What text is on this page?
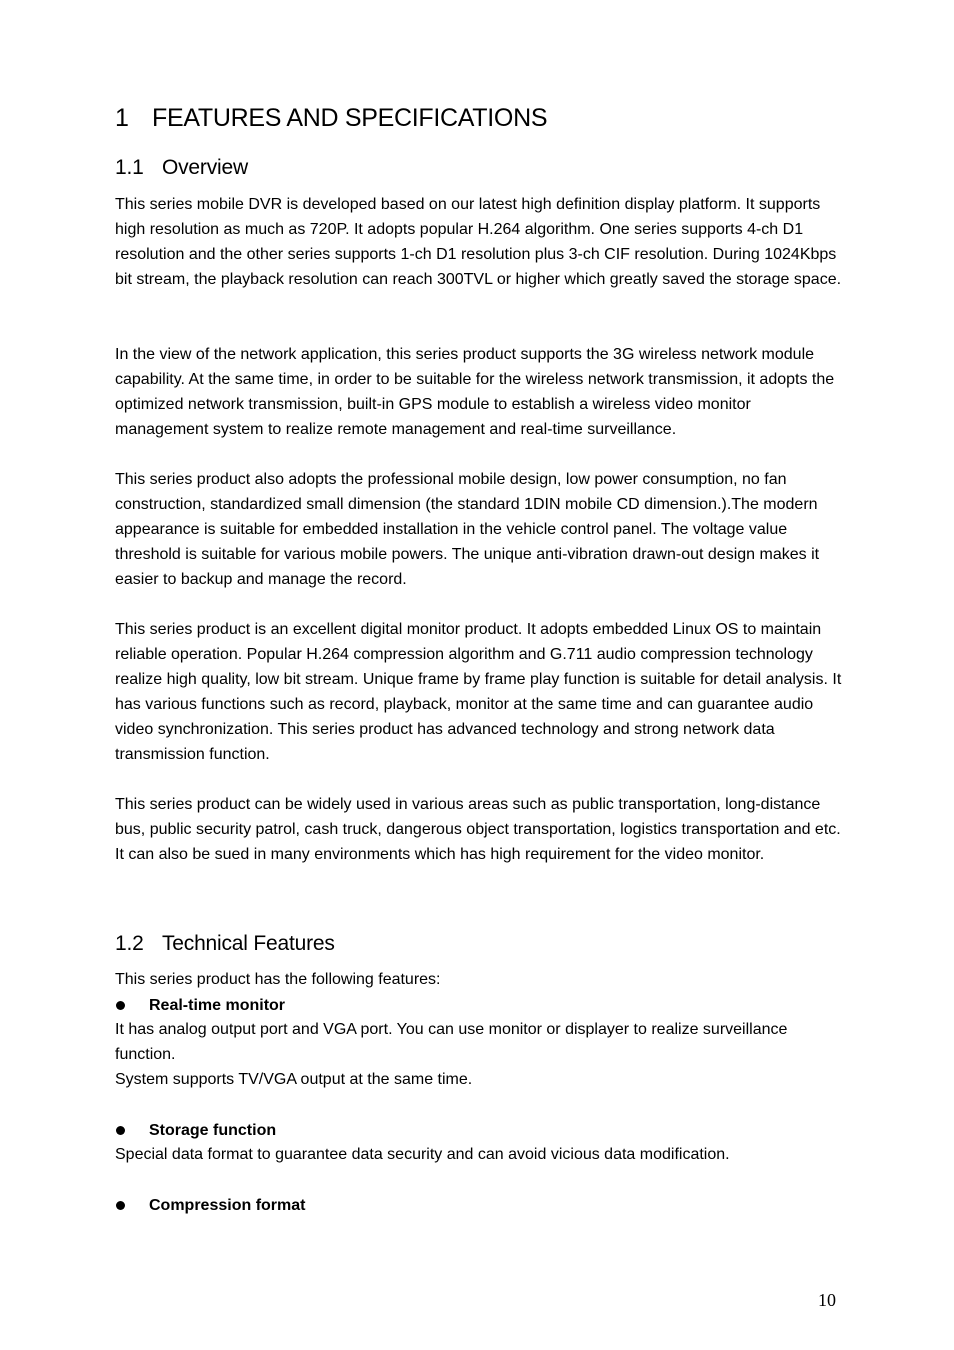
1 FEATURES AND SPECIFICATIONS
1.1 Overview

This series mobile DVR is developed based on our latest high definition display platform. It supports high resolution as much as 720P. It adopts popular H.264 algorithm. One series supports 4-ch D1 resolution and the other series supports 1-ch D1 resolution plus 3-ch CIF resolution. During 1024Kbps bit stream, the playback resolution can reach 300TVL or higher which greatly saved the storage space.

In the view of the network application, this series product supports the 3G wireless network module capability. At the same time, in order to be suitable for the wireless network transmission, it adopts the optimized network transmission, built-in GPS module to establish a wireless video monitor management system to realize remote management and real-time surveillance.

This series product also adopts the professional mobile design, low power consumption, no fan construction, standardized small dimension (the standard 1DIN mobile CD dimension.).The modern appearance is suitable for embedded installation in the vehicle control panel. The voltage value threshold is suitable for various mobile powers. The unique anti-vibration drawn-out design makes it easier to backup and manage the record.

This series product is an excellent digital monitor product. It adopts embedded Linux OS to maintain reliable operation. Popular H.264 compression algorithm and G.711 audio compression technology realize high quality, low bit stream. Unique frame by frame play function is suitable for detail analysis. It has various functions such as record, playback, monitor at the same time and can guarantee audio video synchronization. This series product has advanced technology and strong network data transmission function.

This series product can be widely used in various areas such as public transportation, long-distance bus, public security patrol, cash truck, dangerous object transportation, logistics transportation and etc. It can also be sued in many environments which has high requirement for the video monitor.

1.2 Technical Features
This series product has the following features:
Real-time monitor

It has analog output port and VGA port. You can use monitor or displayer to realize surveillance function.

System supports TV/VGA output at the same time.
Storage function
Special data format to guarantee data security and can avoid vicious data modification.
Compression format
10
